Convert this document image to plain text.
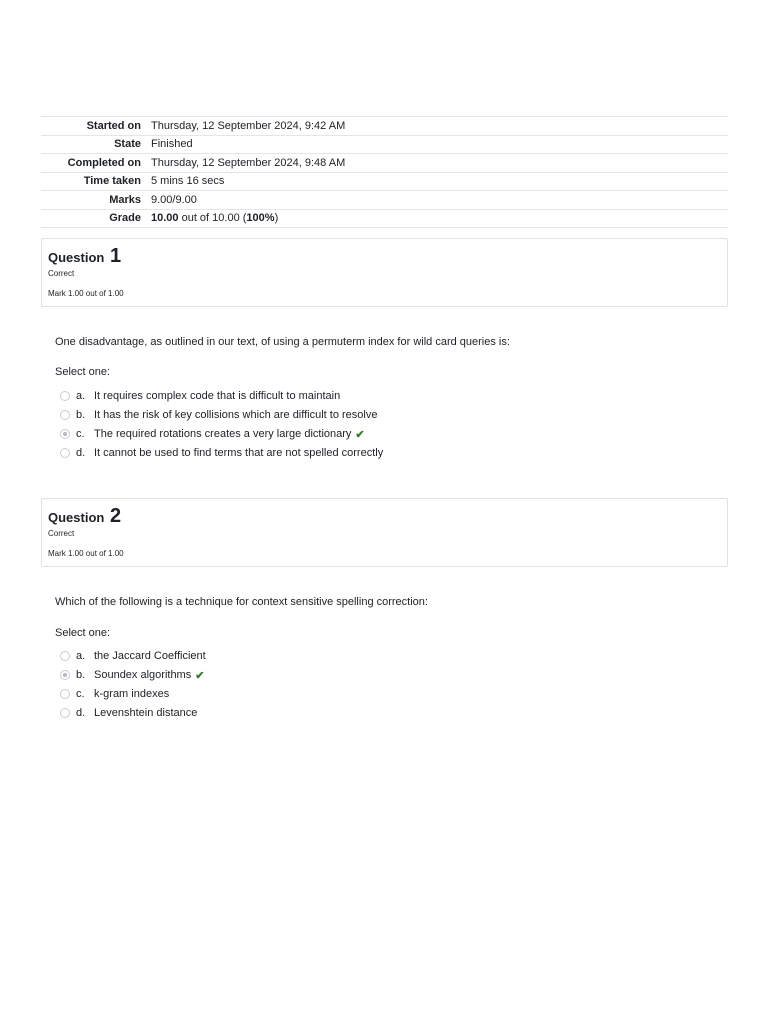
Started on	Thursday, 12 September 2024, 9:42 AM
State	Finished
Completed on	Thursday, 12 September 2024, 9:48 AM
Time taken	5 mins 16 secs
Marks	9.00/9.00
Grade	10.00 out of 10.00 (100%)
Question 1
Correct
Mark 1.00 out of 1.00
One disadvantage, as outlined in our text, of using a permuterm index for wild card queries is:
Select one:
a. It requires complex code that is difficult to maintain
b. It has the risk of key collisions which are difficult to resolve
c. The required rotations creates a very large dictionary ✔
d. It cannot be used to find terms that are not spelled correctly
Question 2
Correct
Mark 1.00 out of 1.00
Which of the following is a technique for context sensitive spelling correction:
Select one:
a. the Jaccard Coefficient
b. Soundex algorithms ✔
c. k-gram indexes
d. Levenshtein distance
